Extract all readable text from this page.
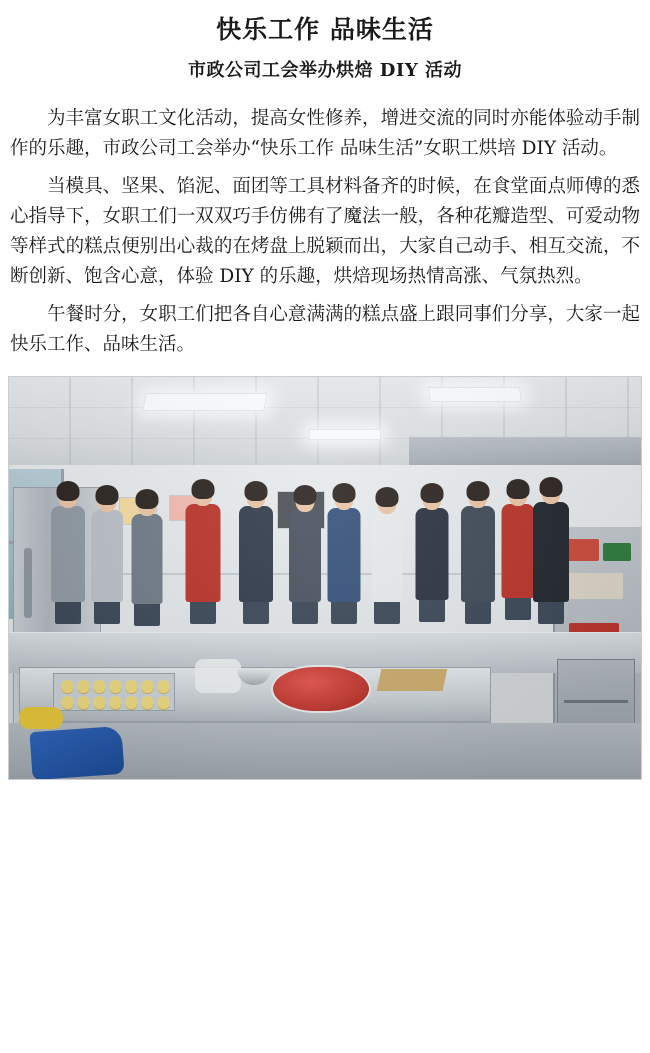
快乐工作 品味生活
市政公司工会举办烘焙 DIY 活动

为丰富女职工文化活动，提高女性修养，增进交流的同时亦能体验动手制作的乐趣，市政公司工会举办“快乐工作 品味生活”女职工烘培 DIY 活动。

当模具、坚果、馅泥、面团等工具材料备齐的时候，在食堂面点师傅的悉心指导下，女职工们一双双巧手仿佛有了魔法一般，各种花瓣造型、可爱动物等样式的糕点便别出心裁的在烤盘上脱颖而出，大家自己动手、相互交流，不断创新、饱含心意，体验 DIY 的乐趣，烘焙现场热情高涨、气氛热烈。

午餐时分，女职工们把各自心意满满的糕点盛上跟同事们分享，大家一起快乐工作、品味生活。
